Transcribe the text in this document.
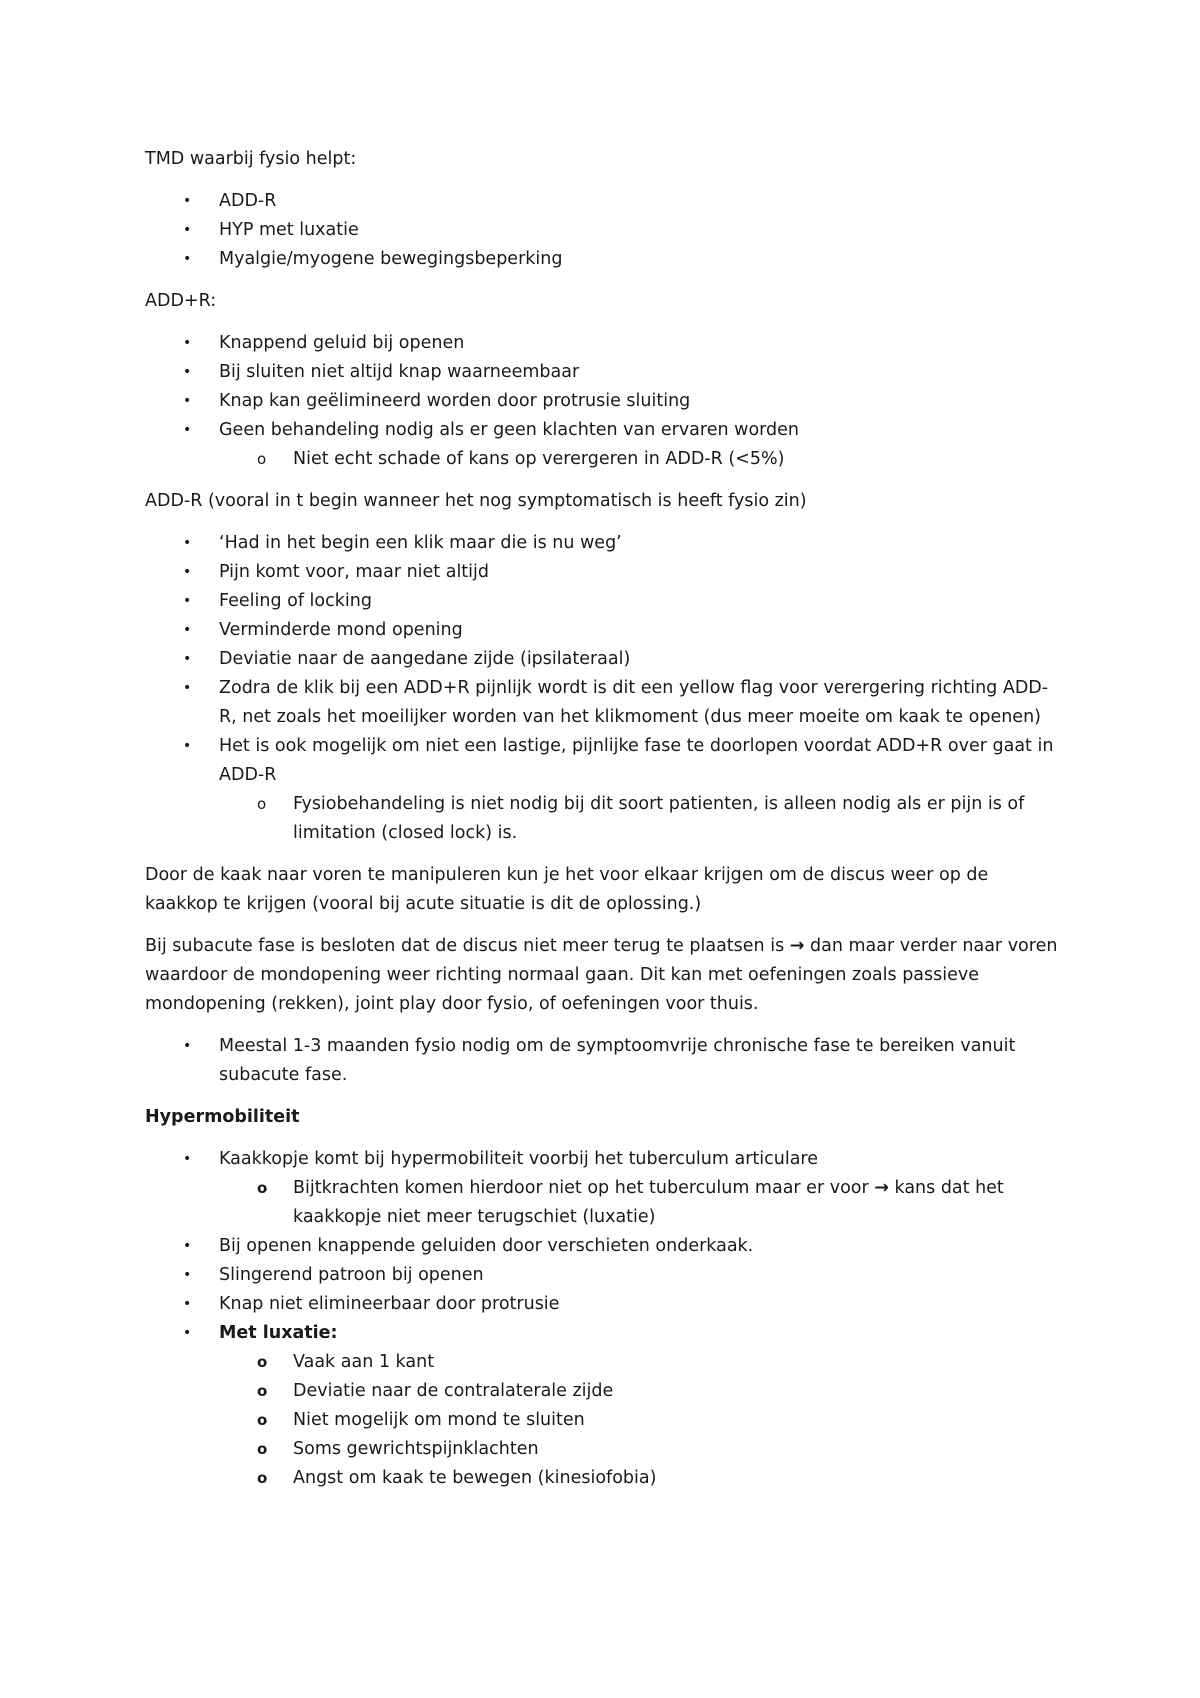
TMD waarbij fysio helpt:

• ADD-R
• HYP met luxatie
• Myalgie/myogene bewegingsbeperking

ADD+R:

• Knappend geluid bij openen
• Bij sluiten niet altijd knap waarneembaar
• Knap kan geëlimineerd worden door protrusie sluiting
• Geen behandeling nodig als er geen klachten van ervaren worden
o Niet echt schade of kans op verergeren in ADD-R (<5%)

ADD-R (vooral in t begin wanneer het nog symptomatisch is heeft fysio zin)

• ‘Had in het begin een klik maar die is nu weg’
• Pijn komt voor, maar niet altijd
• Feeling of locking
• Verminderde mond opening
• Deviatie naar de aangedane zijde (ipsilateraal)
• Zodra de klik bij een ADD+R pijnlijk wordt is dit een yellow flag voor verergering richting ADD-R, net zoals het moeilijker worden van het klikmoment (dus meer moeite om kaak te openen)
• Het is ook mogelijk om niet een lastige, pijnlijke fase te doorlopen voordat ADD+R over gaat in ADD-R
o Fysiobehandeling is niet nodig bij dit soort patienten, is alleen nodig als er pijn is of limitation (closed lock) is.

Door de kaak naar voren te manipuleren kun je het voor elkaar krijgen om de discus weer op de kaakkop te krijgen (vooral bij acute situatie is dit de oplossing.)

Bij subacute fase is besloten dat de discus niet meer terug te plaatsen is → dan maar verder naar voren waardoor de mondopening weer richting normaal gaan. Dit kan met oefeningen zoals passieve mondopening (rekken), joint play door fysio, of oefeningen voor thuis.

• Meestal 1-3 maanden fysio nodig om de symptoomvrije chronische fase te bereiken vanuit subacute fase.

Hypermobiliteit

• Kaakkopje komt bij hypermobiliteit voorbij het tuberculum articulare
o Bijtkrachten komen hierdoor niet op het tuberculum maar er voor → kans dat het kaakkopje niet meer terugschiet (luxatie)
• Bij openen knappende geluiden door verschieten onderkaak.
• Slingerend patroon bij openen
• Knap niet elimineerbaar door protrusie
• Met luxatie:
o Vaak aan 1 kant
o Deviatie naar de contralaterale zijde
o Niet mogelijk om mond te sluiten
o Soms gewrichtspijnklachten
o Angst om kaak te bewegen (kinesiofobia)
